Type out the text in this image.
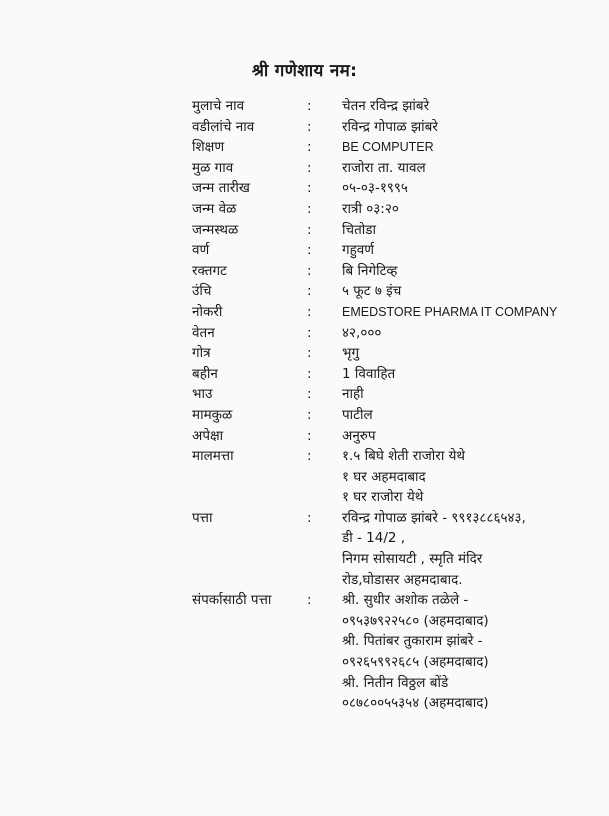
श्री गणेशाय नम:
मुलाचे नाव	:	चेतन रविन्द्र झांबरे
वडीलांचे नाव	:	रविन्द्र गोपाळ झांबरे
शिक्षण	:	BE COMPUTER
मुळ गाव	:	राजोरा ता. यावल
जन्म तारीख	:	०५-०३-१९९५
जन्म वेळ	:	रात्री ०३:२०
जन्मस्थळ	:	चितोडा
वर्ण	:	गहुवर्ण
रक्तगट	:	बि निगेटिव्ह
उंचि	:	५ फूट ७ इंच
नोकरी	:	EMEDSTORE PHARMA IT COMPANY
वेतन	:	४२,०००
गोत्र	:	भृगु
बहीन	:	1 विवाहित
भाउ	:	नाही
मामकुळ	:	पाटील
अपेक्षा	:	अनुरुप
मालमत्ता	:	१.५ बिघे शेती राजोरा येथे
१ घर अहमदाबाद
१ घर राजोरा येथे
पत्ता	:	रविन्द्र गोपाळ झांबरे - ९९१३८८६५४३,
डी - 14/2 ,
निगम सोसायटी , स्मृति मंदिर
रोड,घोडासर अहमदाबाद.
संपर्कासाठी पत्ता	:	श्री. सुधीर अशोक तळेले -
०९५३७९२२५८० (अहमदाबाद)
श्री. पितांबर तुकाराम झांबरे -
०९२६५९९२६८५ (अहमदाबाद)
श्री. नितीन विठ्ठल बोंडे
०८७८००५५३५४ (अहमदाबाद)
